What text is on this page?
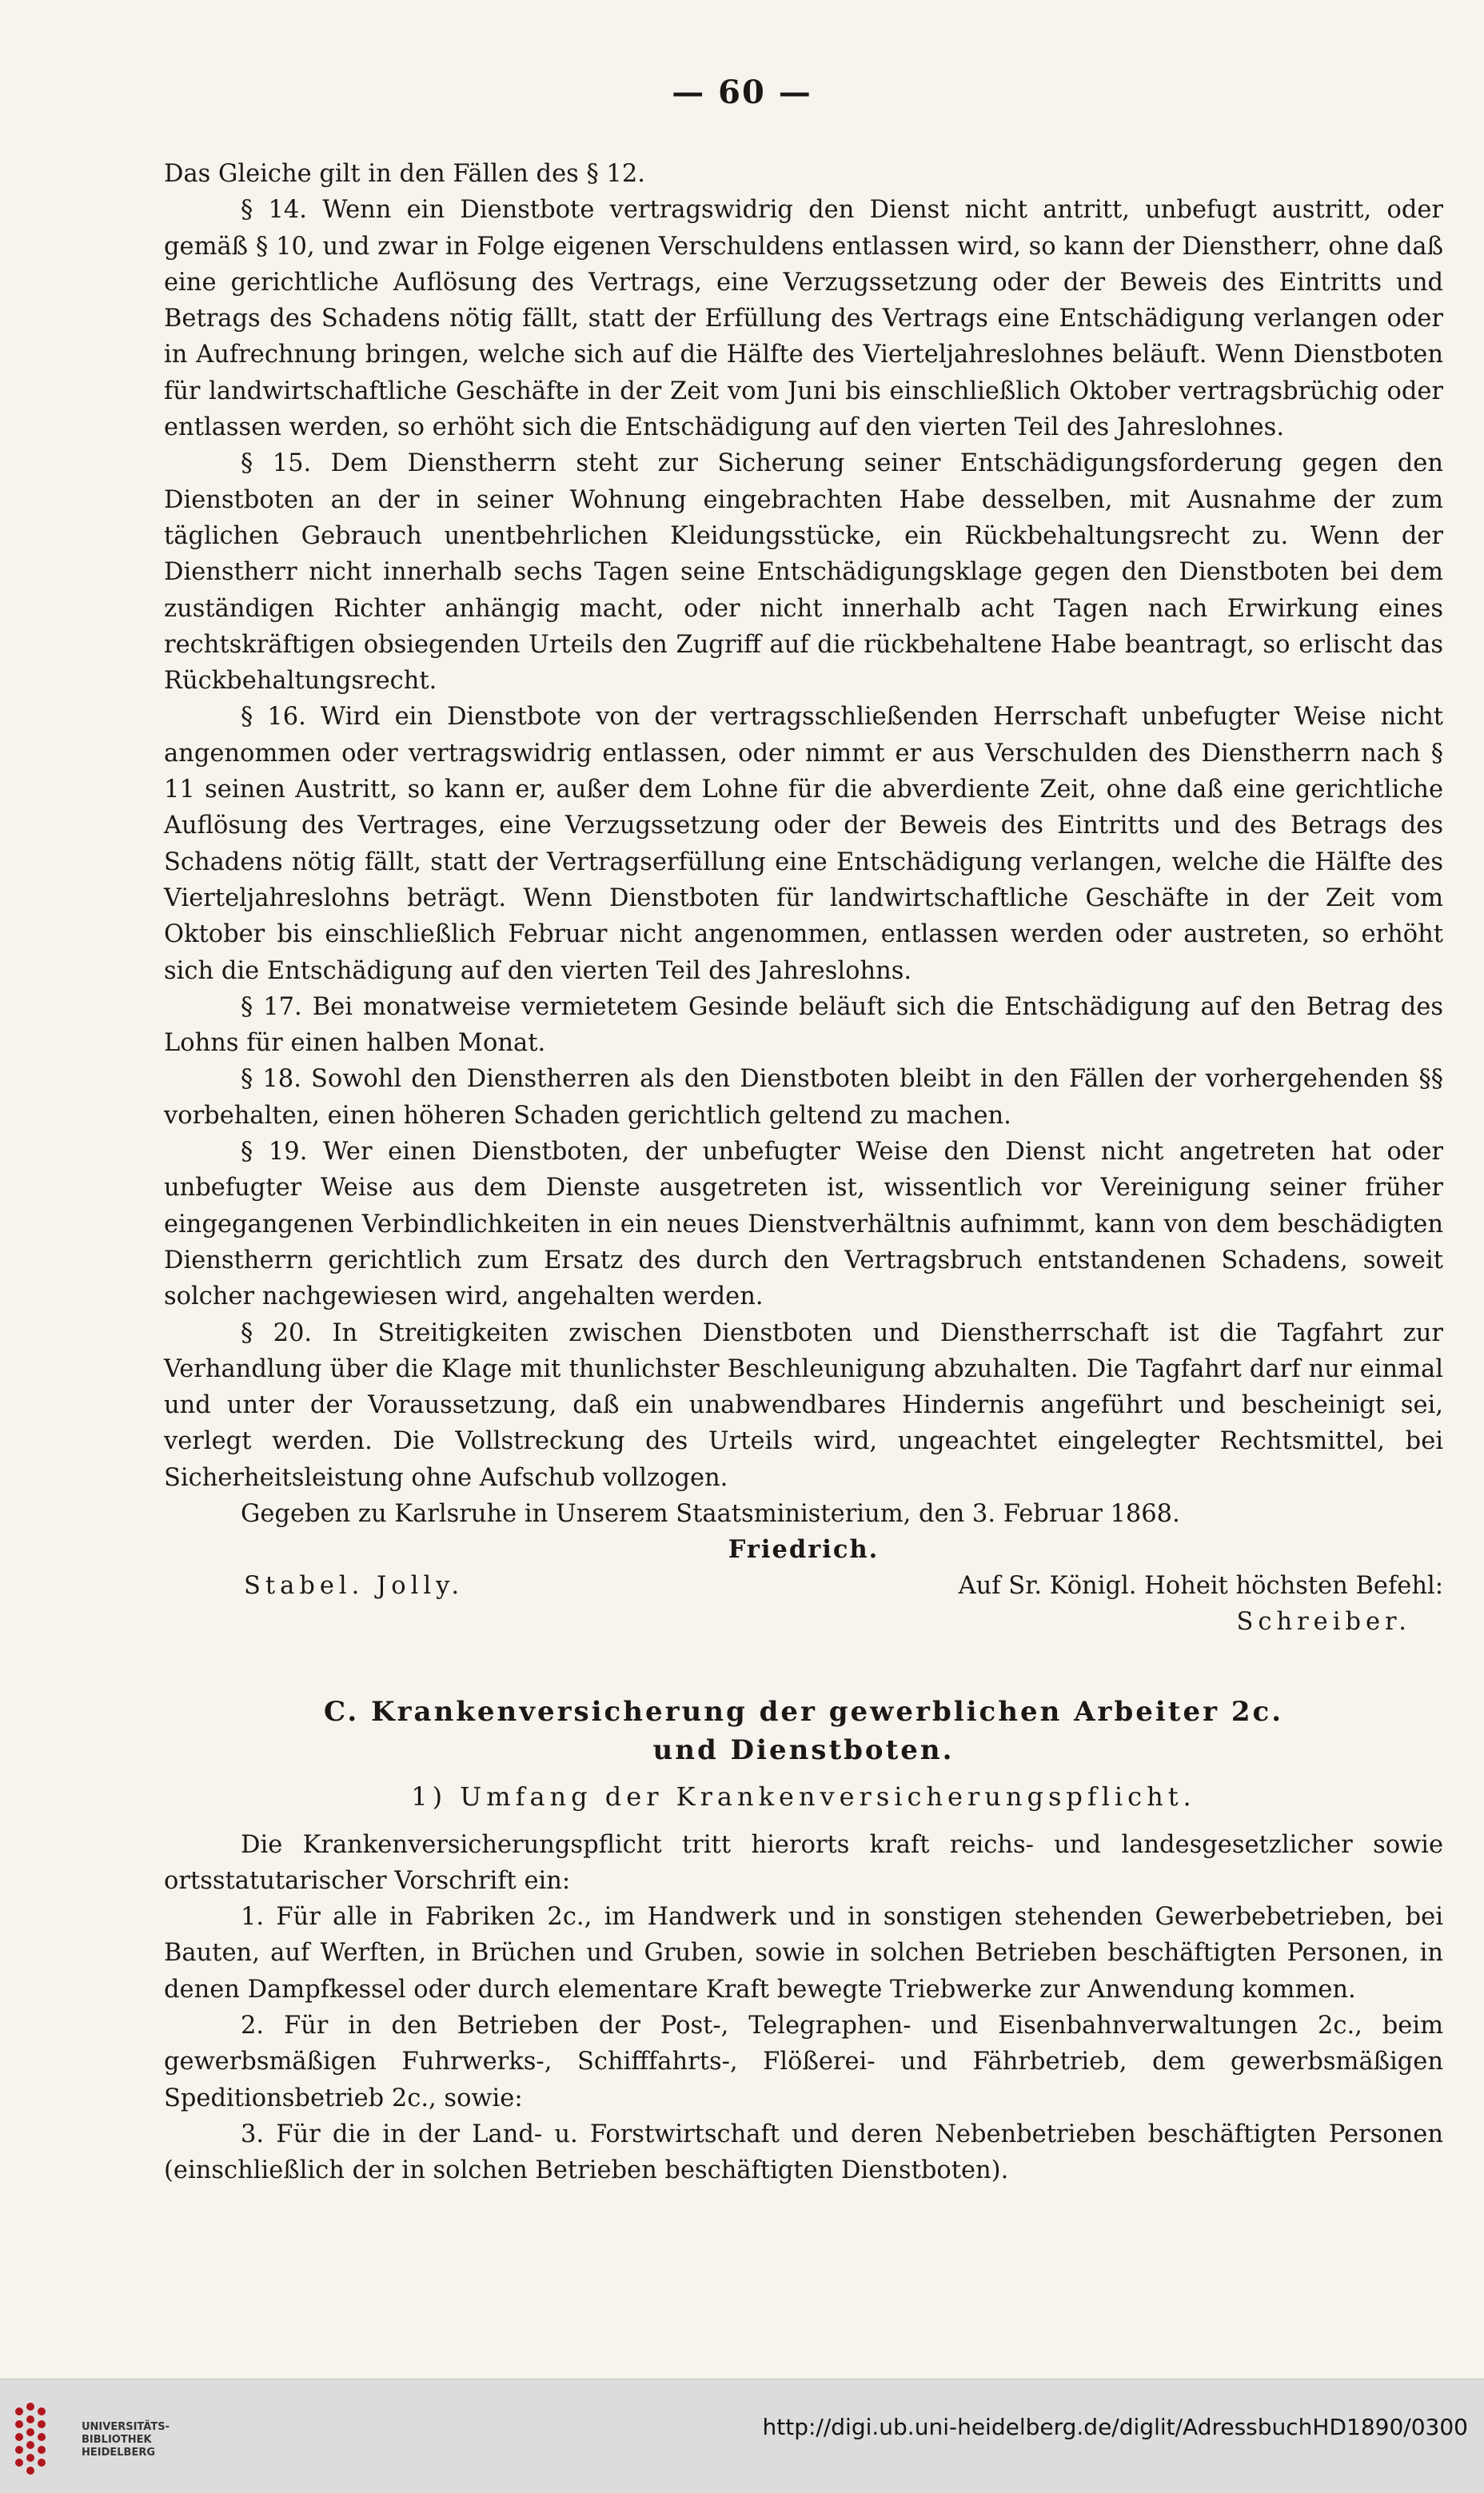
— 60 —

Das Gleiche gilt in den Fällen des § 12.

§ 14. Wenn ein Dienstbote vertragswidrig den Dienst nicht antritt, unbefugt austritt, oder gemäß § 10, und zwar in Folge eigenen Verschuldens entlassen wird, so kann der Dienstherr, ohne daß eine gerichtliche Auflösung des Vertrags, eine Verzugssetzung oder der Beweis des Eintritts und Betrags des Schadens nötig fällt, statt der Erfüllung des Vertrags eine Entschädigung verlangen oder in Aufrechnung bringen, welche sich auf die Hälfte des Vierteljahreslohnes beläuft. Wenn Dienstboten für landwirtschaftliche Geschäfte in der Zeit vom Juni bis einschließlich Oktober vertragsbrüchig oder entlassen werden, so erhöht sich die Entschädigung auf den vierten Teil des Jahreslohnes.

§ 15. Dem Dienstherrn steht zur Sicherung seiner Entschädigungsforderung gegen den Dienstboten an der in seiner Wohnung eingebrachten Habe desselben, mit Ausnahme der zum täglichen Gebrauch unentbehrlichen Kleidungsstücke, ein Rückbehaltungsrecht zu. Wenn der Dienstherr nicht innerhalb sechs Tagen seine Entschädigungsklage gegen den Dienstboten bei dem zuständigen Richter anhängig macht, oder nicht innerhalb acht Tagen nach Erwirkung eines rechtskräftigen obsiegenden Urteils den Zugriff auf die rückbehaltene Habe beantragt, so erlischt das Rückbehaltungsrecht.

§ 16. Wird ein Dienstbote von der vertragsschließenden Herrschaft unbefugter Weise nicht angenommen oder vertragswidrig entlassen, oder nimmt er aus Verschulden des Dienstherrn nach § 11 seinen Austritt, so kann er, außer dem Lohne für die abverdiente Zeit, ohne daß eine gerichtliche Auflösung des Vertrages, eine Verzugssetzung oder der Beweis des Eintritts und des Betrags des Schadens nötig fällt, statt der Vertragserfüllung eine Entschädigung verlangen, welche die Hälfte des Vierteljahreslohns beträgt. Wenn Dienstboten für landwirtschaftliche Geschäfte in der Zeit vom Oktober bis einschließlich Februar nicht angenommen, entlassen werden oder austreten, so erhöht sich die Entschädigung auf den vierten Teil des Jahreslohns.

§ 17. Bei monatweise vermietetem Gesinde beläuft sich die Entschädigung auf den Betrag des Lohns für einen halben Monat.

§ 18. Sowohl den Dienstherren als den Dienstboten bleibt in den Fällen der vorhergehenden §§ vorbehalten, einen höheren Schaden gerichtlich geltend zu machen.

§ 19. Wer einen Dienstboten, der unbefugter Weise den Dienst nicht angetreten hat oder unbefugter Weise aus dem Dienste ausgetreten ist, wissentlich vor Vereinigung seiner früher eingegangenen Verbindlichkeiten in ein neues Dienstverhältnis aufnimmt, kann von dem beschädigten Dienstherrn gerichtlich zum Ersatz des durch den Vertragsbruch entstandenen Schadens, soweit solcher nachgewiesen wird, angehalten werden.

§ 20. In Streitigkeiten zwischen Dienstboten und Dienstherrschaft ist die Tagfahrt zur Verhandlung über die Klage mit thunlichster Beschleunigung abzuhalten. Die Tagfahrt darf nur einmal und unter der Voraussetzung, daß ein unabwendbares Hindernis angeführt und bescheinigt sei, verlegt werden. Die Vollstreckung des Urteils wird, ungeachtet eingelegter Rechtsmittel, bei Sicherheitsleistung ohne Aufschub vollzogen.

Gegeben zu Karlsruhe in Unserem Staatsministerium, den 3. Februar 1868.

Friedrich.
Stabel. Jolly.	Auf Sr. Königl. Hoheit höchsten Befehl:
Schreiber.
C. Krankenversicherung der gewerblichen Arbeiter 2c.
und Dienstboten.
1) Umfang der Krankenversicherungspflicht.

Die Krankenversicherungspflicht tritt hierorts kraft reichs- und landesgesetzlicher sowie ortsstatutarischer Vorschrift ein:

1. Für alle in Fabriken 2c., im Handwerk und in sonstigen stehenden Gewerbebetrieben, bei Bauten, auf Werften, in Brüchen und Gruben, sowie in solchen Betrieben beschäftigten Personen, in denen Dampfkessel oder durch elementare Kraft bewegte Triebwerke zur Anwendung kommen.

2. Für in den Betrieben der Post-, Telegraphen- und Eisenbahnverwaltungen 2c., beim gewerbsmäßigen Fuhrwerks-, Schifffahrts-, Flößerei- und Fährbetrieb, dem gewerbsmäßigen Speditionsbetrieb 2c., sowie:

3. Für die in der Land- u. Forstwirtschaft und deren Nebenbetrieben beschäftigten Personen (einschließlich der in solchen Betrieben beschäftigten Dienstboten).

UNIVERSITÄTS-
BIBLIOTHEK
HEIDELBERG
http://digi.ub.uni-heidelberg.de/diglit/AdressbuchHD1890/0300
